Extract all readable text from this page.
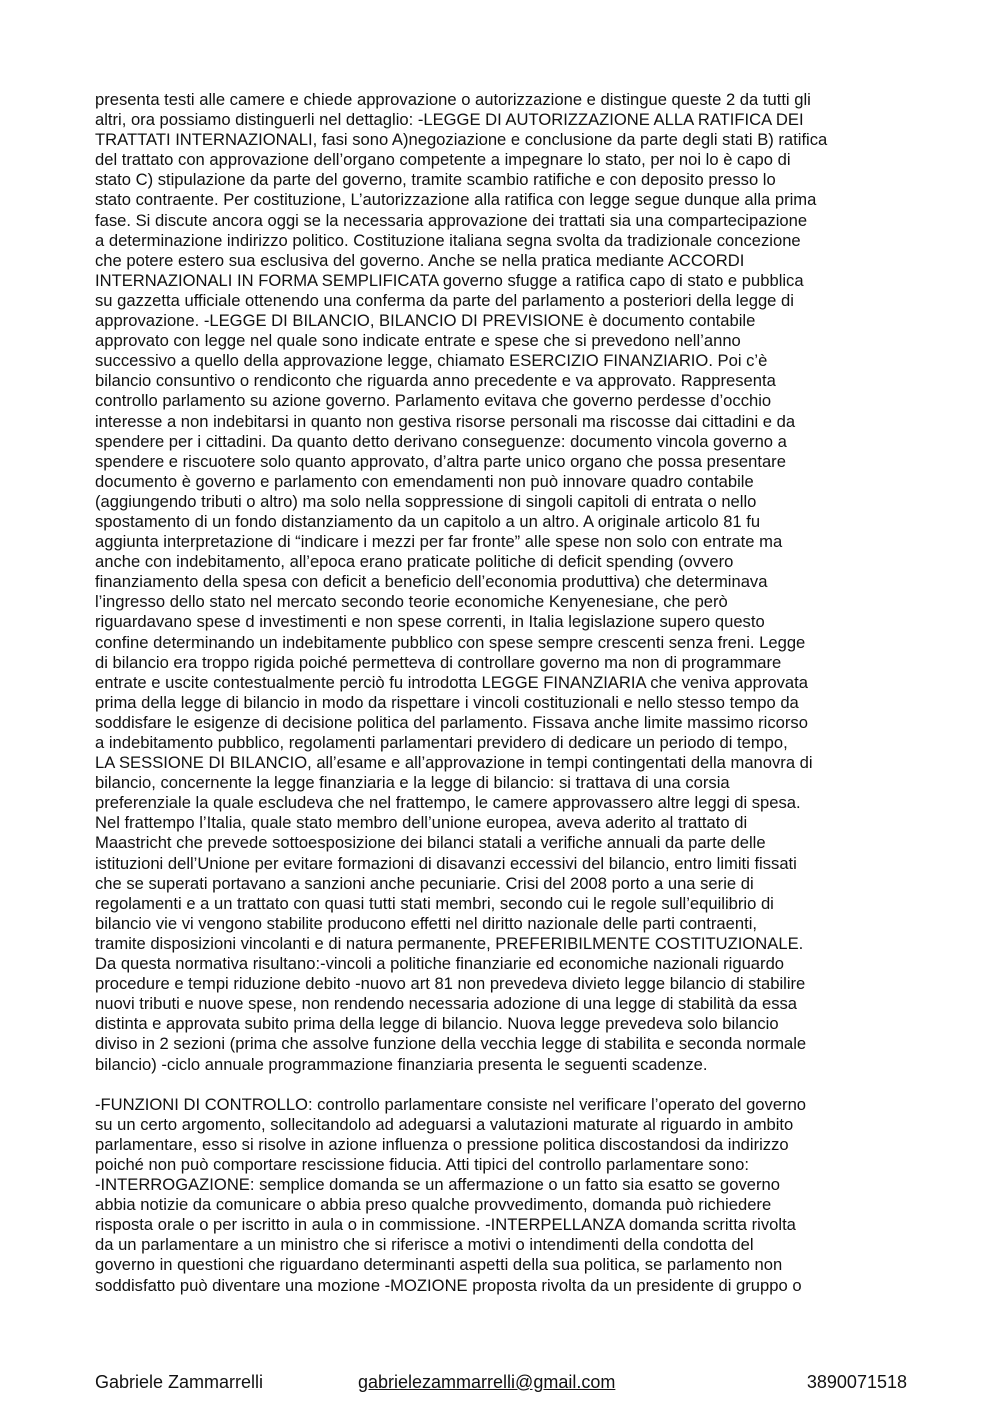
presenta testi alle camere e chiede approvazione o autorizzazione e distingue queste 2 da tutti gli

altri, ora possiamo distinguerli nel dettaglio: -LEGGE DI AUTORIZZAZIONE ALLA RATIFICA DEI

TRATTATI INTERNAZIONALI, fasi sono A)negoziazione e conclusione da parte degli stati B) ratifica

del trattato con approvazione dell’organo competente a impegnare lo stato, per noi lo è capo di

stato C) stipulazione da parte del governo, tramite scambio ratifiche e con deposito presso lo

stato contraente. Per costituzione, L’autorizzazione alla ratifica con legge segue dunque alla prima

fase. Si discute ancora oggi se la necessaria approvazione dei trattati sia una compartecipazione

a determinazione indirizzo politico. Costituzione italiana segna svolta da tradizionale concezione

che potere estero sua esclusiva del governo. Anche se nella pratica mediante ACCORDI

INTERNAZIONALI IN FORMA SEMPLIFICATA governo sfugge a ratifica capo di stato e pubblica

su gazzetta ufficiale ottenendo una conferma da parte del parlamento a posteriori della legge di

approvazione. -LEGGE DI BILANCIO, BILANCIO DI PREVISIONE è documento contabile

approvato con legge nel quale sono indicate entrate e spese che si prevedono nell’anno

successivo a quello della approvazione legge, chiamato ESERCIZIO FINANZIARIO. Poi c’è

bilancio consuntivo o rendiconto che riguarda anno precedente e va approvato. Rappresenta

controllo parlamento su azione governo. Parlamento evitava che governo perdesse d’occhio

interesse a non indebitarsi in quanto non gestiva risorse personali ma riscosse dai cittadini e da

spendere per i cittadini. Da quanto detto derivano conseguenze: documento vincola governo a

spendere e riscuotere solo quanto approvato, d’altra parte unico organo che possa presentare

documento è governo e parlamento con emendamenti non può innovare quadro contabile

(aggiungendo tributi o altro) ma solo nella soppressione di singoli capitoli di entrata o nello

spostamento di un fondo distanziamento da un capitolo a un altro. A originale articolo 81 fu

aggiunta interpretazione di “indicare i mezzi per far fronte” alle spese non solo con entrate ma

anche con indebitamento, all’epoca erano praticate politiche di deficit spending (ovvero

finanziamento della spesa con deficit a beneficio dell’economia produttiva) che determinava

l’ingresso dello stato nel mercato secondo teorie economiche Kenyenesiane, che però

riguardavano spese d investimenti e non spese correnti, in Italia legislazione supero questo

confine determinando un indebitamente pubblico con spese sempre crescenti senza freni. Legge

di bilancio era troppo rigida poiché permetteva di controllare governo ma non di programmare

entrate e uscite contestualmente perciò fu introdotta LEGGE FINANZIARIA che veniva approvata

prima della legge di bilancio in modo da rispettare i vincoli costituzionali e nello stesso tempo da

soddisfare le esigenze di decisione politica del parlamento. Fissava anche limite massimo ricorso

a indebitamento pubblico, regolamenti parlamentari previdero di dedicare un periodo di tempo,

LA SESSIONE DI BILANCIO, all’esame e all’approvazione in tempi contingentati della manovra di

bilancio, concernente la legge finanziaria e la legge di bilancio: si trattava di una corsia

preferenziale la quale escludeva che nel frattempo, le camere approvassero altre leggi di spesa.

Nel frattempo l’Italia, quale stato membro dell’unione europea, aveva aderito al trattato di

Maastricht che prevede sottoesposizione dei bilanci statali a verifiche annuali da parte delle

istituzioni dell’Unione per evitare formazioni di disavanzi eccessivi del bilancio, entro limiti fissati

che se superati portavano a sanzioni anche pecuniarie. Crisi del 2008 porto a una serie di

regolamenti e a un trattato con quasi tutti stati membri, secondo cui le regole sull’equilibrio di

bilancio vie vi vengono stabilite producono effetti nel diritto nazionale delle parti contraenti,

tramite disposizioni vincolanti e di natura permanente, PREFERIBILMENTE COSTITUZIONALE.

Da questa normativa risultano:-vincoli a politiche finanziarie ed economiche nazionali riguardo

procedure e tempi riduzione debito -nuovo art 81 non prevedeva divieto legge bilancio di stabilire

nuovi tributi e nuove spese, non rendendo necessaria adozione di una legge di stabilità da essa

distinta e approvata subito prima della legge di bilancio. Nuova legge prevedeva solo bilancio

diviso in 2 sezioni (prima che assolve funzione della vecchia legge di stabilita e seconda normale

bilancio) -ciclo annuale programmazione finanziaria presenta le seguenti scadenze.

-FUNZIONI DI CONTROLLO: controllo parlamentare consiste nel verificare l’operato del governo

su un certo argomento, sollecitandolo ad adeguarsi a valutazioni maturate al riguardo in ambito

parlamentare, esso si risolve in azione influenza o pressione politica discostandosi da indirizzo

poiché non può comportare rescissione fiducia. Atti tipici del controllo parlamentare sono:

-INTERROGAZIONE: semplice domanda se un affermazione o un fatto sia esatto se governo

abbia notizie da comunicare o abbia preso qualche provvedimento, domanda può richiedere

risposta orale o per iscritto in aula o in commissione. -INTERPELLANZA domanda scritta rivolta

da un parlamentare a un ministro che si riferisce a motivi o intendimenti della condotta del

governo in questioni che riguardano determinanti aspetti della sua politica, se parlamento non

soddisfatto può diventare una mozione -MOZIONE proposta rivolta da un presidente di gruppo o

Gabriele Zammarrelli	gabrielezammarrelli@gmail.com	3890071518
